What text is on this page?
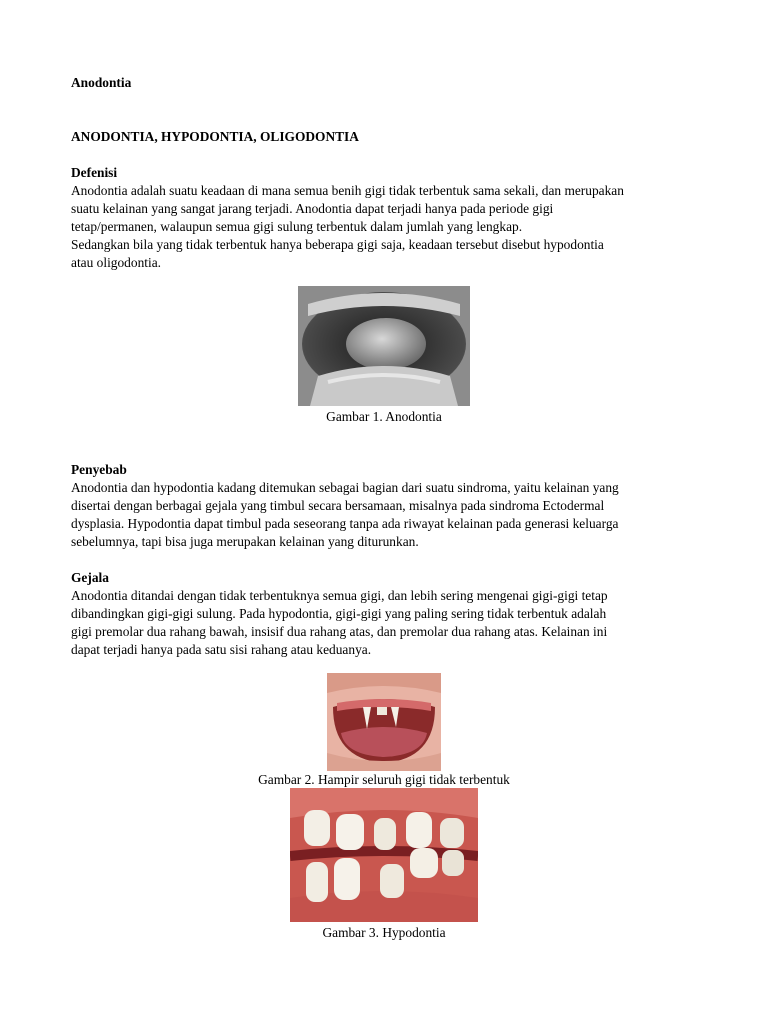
Anodontia

ANODONTIA, HYPODONTIA, OLIGODONTIA

Defenisi

Anodontia adalah suatu keadaan di mana semua benih gigi tidak terbentuk sama sekali, dan merupakan

suatu kelainan yang sangat jarang terjadi. Anodontia dapat terjadi hanya pada periode gigi

tetap/permanen, walaupun semua gigi sulung terbentuk dalam jumlah yang lengkap.

Sedangkan bila yang tidak terbentuk hanya beberapa gigi saja, keadaan tersebut disebut hypodontia

atau oligodontia.

Gambar 1. Anodontia

Penyebab

Anodontia dan hypodontia kadang ditemukan sebagai bagian dari suatu sindroma, yaitu kelainan yang

disertai dengan berbagai gejala yang timbul secara bersamaan, misalnya pada sindroma Ectodermal

dysplasia. Hypodontia dapat timbul pada seseorang tanpa ada riwayat kelainan pada generasi keluarga

sebelumnya, tapi bisa juga merupakan kelainan yang diturunkan.

Gejala

Anodontia ditandai dengan tidak terbentuknya semua gigi, dan lebih sering mengenai gigi-gigi tetap

dibandingkan gigi-gigi sulung. Pada hypodontia, gigi-gigi yang paling sering tidak terbentuk adalah

gigi premolar dua rahang bawah, insisif dua rahang atas, dan premolar dua rahang atas. Kelainan ini

dapat terjadi hanya pada satu sisi rahang atau keduanya.

Gambar 2. Hampir seluruh gigi tidak terbentuk

Gambar 3. Hypodontia
